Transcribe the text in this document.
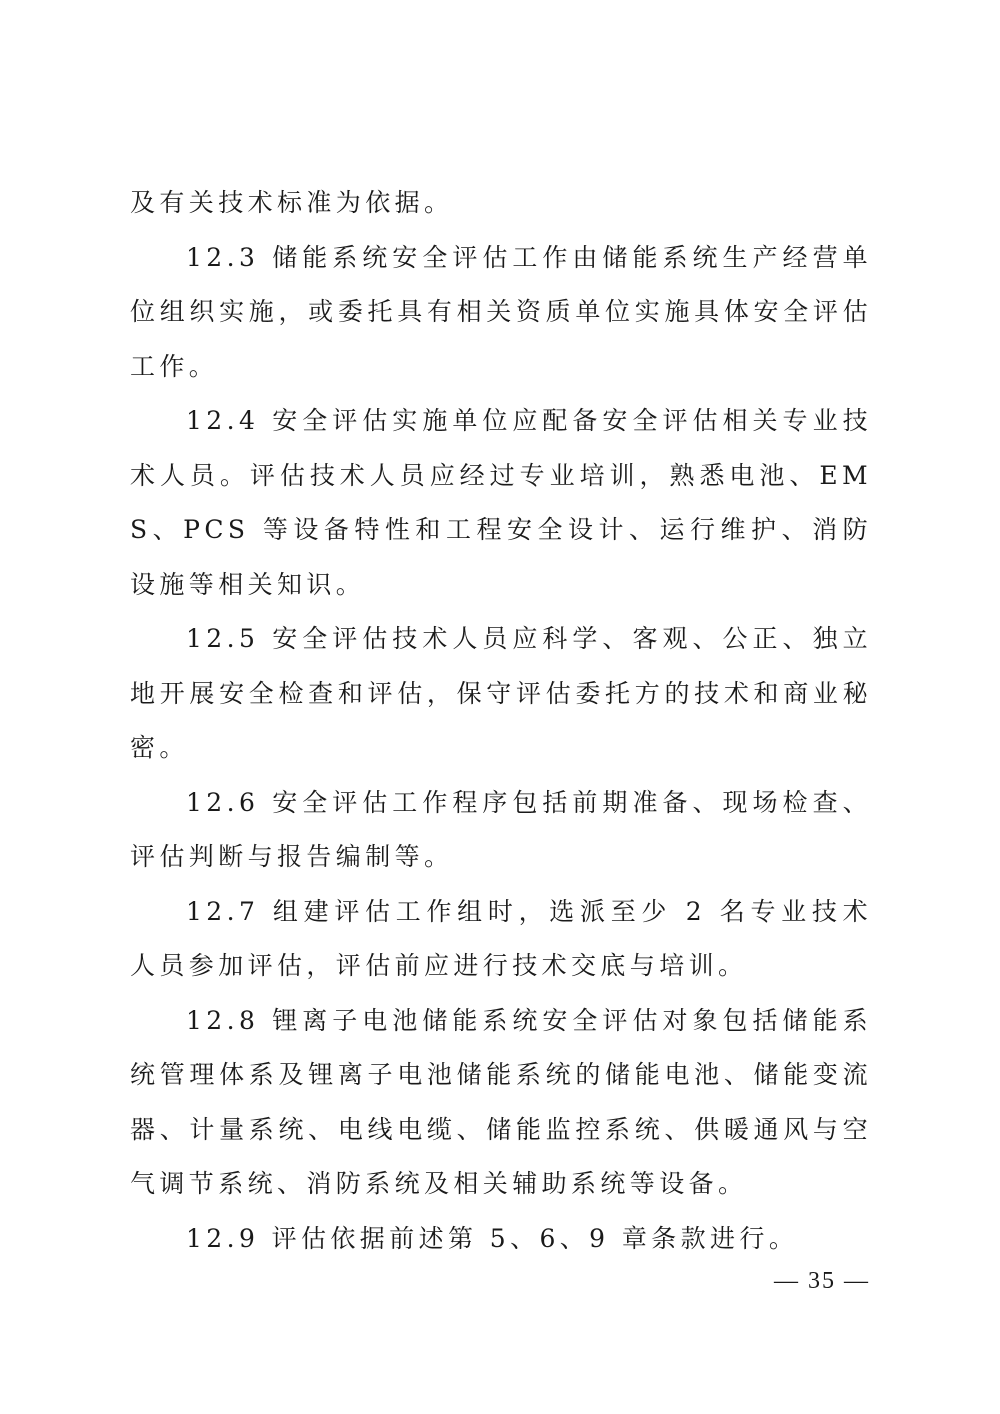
及有关技术标准为依据。

12.3 储能系统安全评估工作由储能系统生产经营单位组织实施，或委托具有相关资质单位实施具体安全评估工作。

12.4 安全评估实施单位应配备安全评估相关专业技术人员。评估技术人员应经过专业培训，熟悉电池、EMS、PCS 等设备特性和工程安全设计、运行维护、消防设施等相关知识。

12.5 安全评估技术人员应科学、客观、公正、独立地开展安全检查和评估，保守评估委托方的技术和商业秘密。

12.6 安全评估工作程序包括前期准备、现场检查、评估判断与报告编制等。

12.7 组建评估工作组时，选派至少 2 名专业技术人员参加评估，评估前应进行技术交底与培训。

12.8 锂离子电池储能系统安全评估对象包括储能系统管理体系及锂离子电池储能系统的储能电池、储能变流器、计量系统、电线电缆、储能监控系统、供暖通风与空气调节系统、消防系统及相关辅助系统等设备。

12.9 评估依据前述第 5、6、9 章条款进行。

— 35 —
